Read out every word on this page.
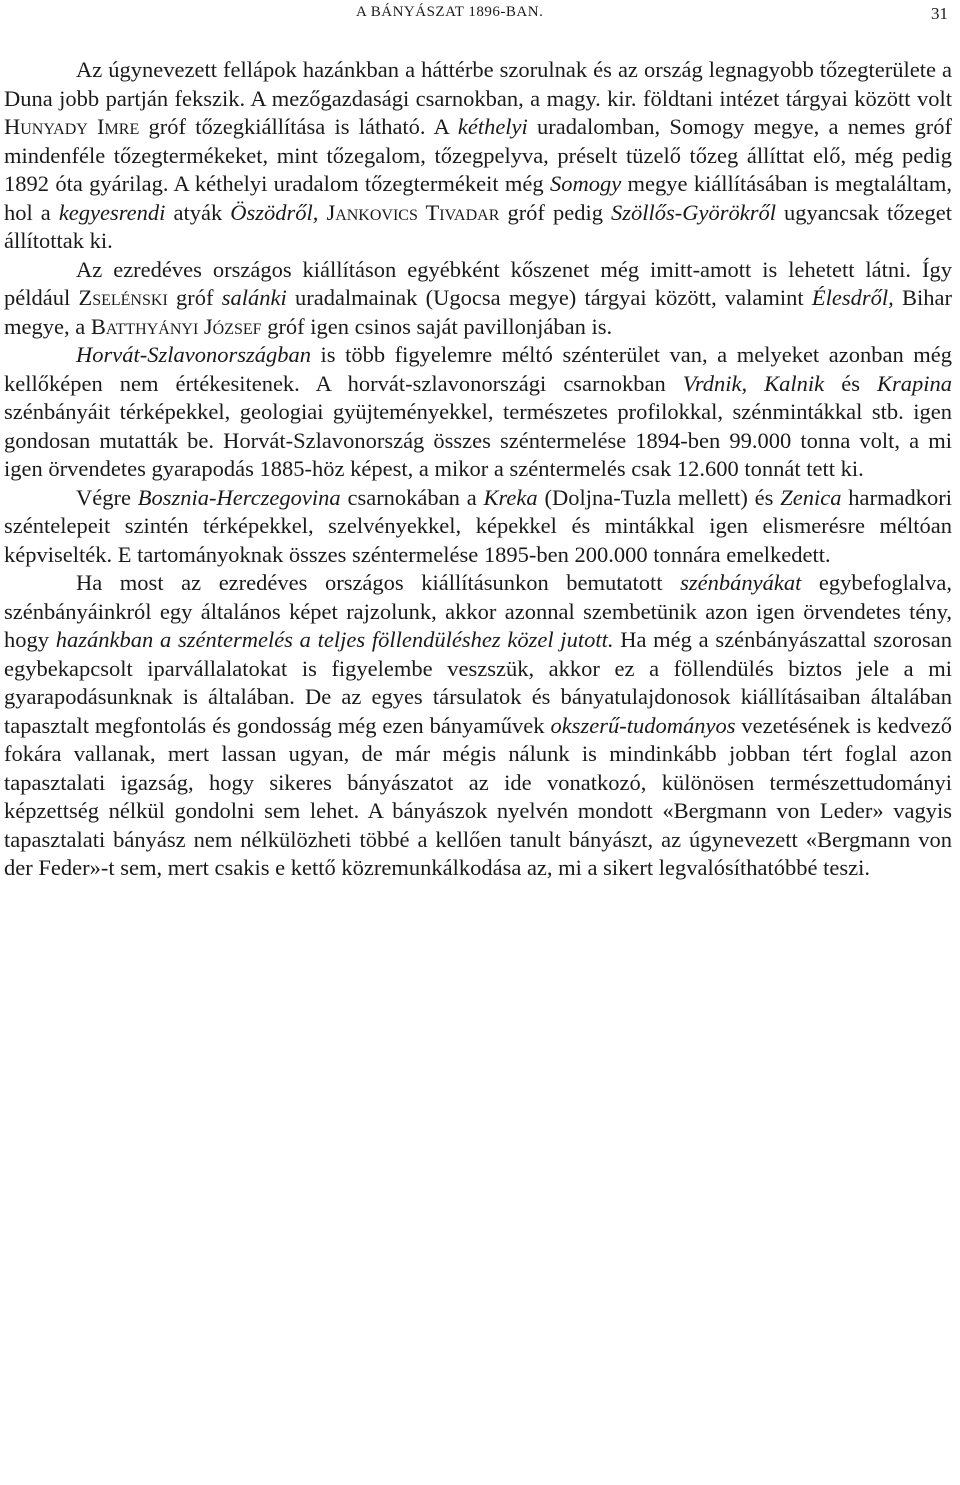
A BÁNYÁSZAT 1896-BAN.	31

Az úgynevezett fellápok hazánkban a háttérbe szorulnak és az ország legnagyobb tőzegterülete a Duna jobb partján fekszik. A mezőgazdasági csarnokban, a magy. kir. földtani intézet tárgyai között volt Hunyady Imre gróf tőzegkiállítása is látható. A kéthelyi uradalomban, Somogy megye, a nemes gróf mindenféle tőzegtermékeket, mint tőzegalom, tőzegpelyva, préselt tüzelő tőzeg állíttat elő, még pedig 1892 óta gyárilag. A kéthelyi uradalom tőzegtermékeit még Somogy megye kiállításában is megtaláltam, hol a kegyesrendi atyák Öszödről, Jankovics Tivadar gróf pedig Szöllős-Györökről ugyancsak tőzeget állítottak ki.

Az ezredéves országos kiállításon egyébként kőszenet még imitt-amott is lehetett látni. Így például Zselénski gróf salánki uradalmainak (Ugocsa megye) tárgyai között, valamint Élesdről, Bihar megye, a Batthyányi József gróf igen csinos saját pavillonjában is.

Horvát-Szlavonországban is több figyelemre méltó szénterület van, a melyeket azonban még kellőképen nem értékesitenek. A horvát-szlavonországi csarnokban Vrdnik, Kalnik és Krapina szénbányáit térképekkel, geologiai gyüjteményekkel, természetes profilokkal, szénmintákkal stb. igen gondosan mutatták be. Horvát-Szlavonország összes széntermelése 1894-ben 99.000 tonna volt, a mi igen örvendetes gyarapodás 1885-höz képest, a mikor a széntermelés csak 12.600 tonnát tett ki.

Végre Bosznia-Herczegovina csarnokában a Kreka (Doljna-Tuzla mellett) és Zenica harmadkori széntelepeit szintén térképekkel, szelvényekkel, képekkel és mintákkal igen elismerésre méltóan képviselték. E tartományoknak összes széntermelése 1895-ben 200.000 tonnára emelkedett.

Ha most az ezredéves országos kiállításunkon bemutatott szénbányákat egybefoglalva, szénbányáinkról egy általános képet rajzolunk, akkor azonnal szembetünik azon igen örvendetes tény, hogy hazánkban a széntermelés a teljes föllendüléshez közel jutott. Ha még a szénbányászattal szorosan egybekapcsolt iparvállalatokat is figyelembe veszszük, akkor ez a föllendülés biztos jele a mi gyarapodásunknak is általában. De az egyes társulatok és bányatulajdonosok kiállításaiban általában tapasztalt megfontolás és gondosság még ezen bányaművek okszerű-tudományos vezetésének is kedvező fokára vallanak, mert lassan ugyan, de már mégis nálunk is mindinkább jobban tért foglal azon tapasztalati igazság, hogy sikeres bányászatot az ide vonatkozó, különösen természettudományi képzettség nélkül gondolni sem lehet. A bányászok nyelvén mondott «Bergmann von Leder» vagyis tapasztalati bányász nem nélkülözheti többé a kellően tanult bányászt, az úgynevezett «Bergmann von der Feder»-t sem, mert csakis e kettő közremunkálkodása az, mi a sikert legvalósíthatóbbé teszi.
